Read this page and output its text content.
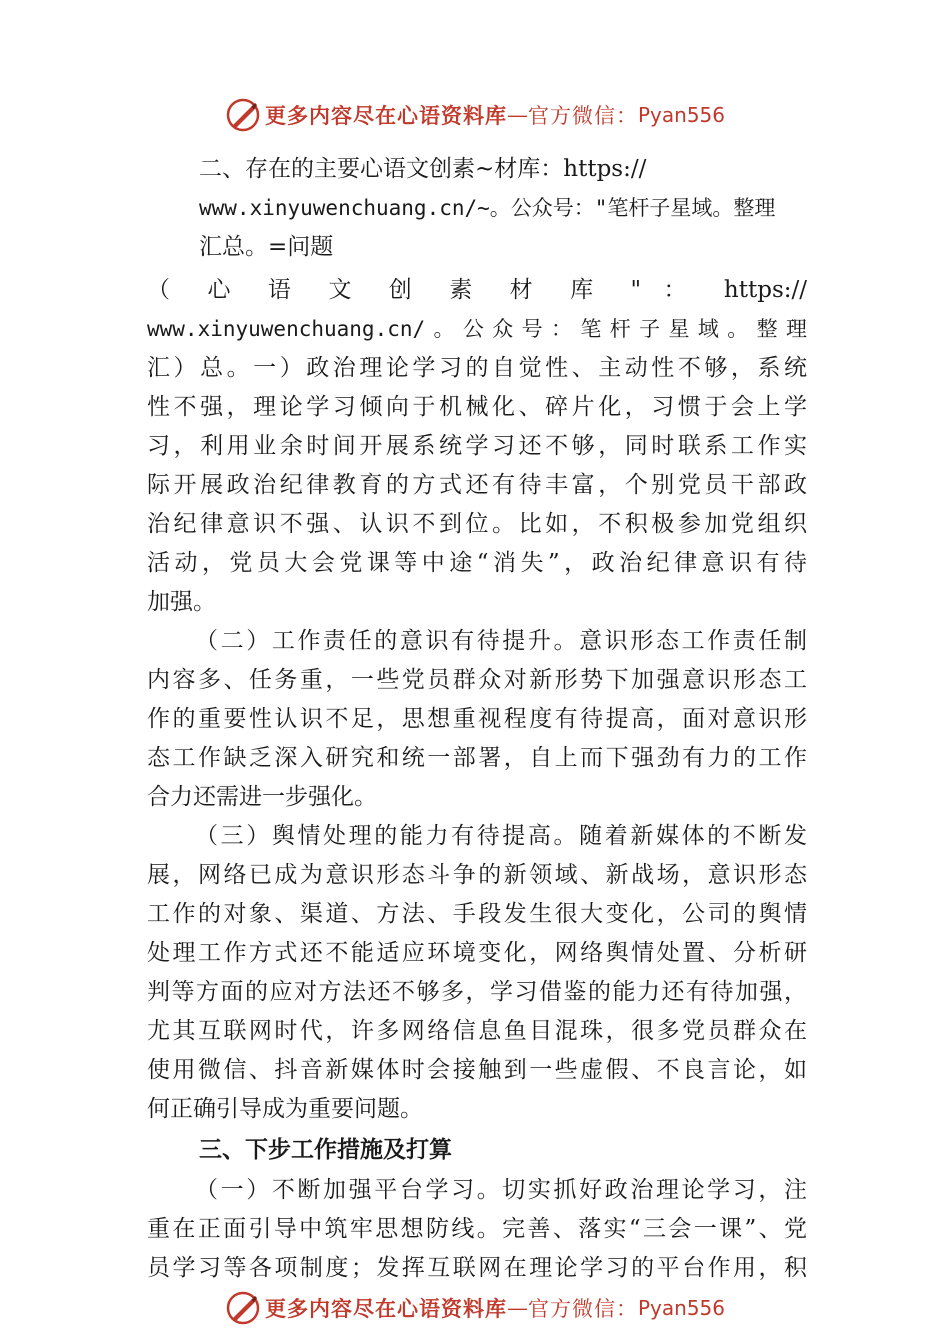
更多内容尽在心语资料库 — 官方微信： Pyan556
二、存在的主要心语文创素~材库：https://
www.xinyuwenchuang.cn/~。公众号："笔杆子星域。整理
汇总。=问题
（ 心 语 文 创 素 材 库 " ： https://
www.xinyuwenchuang.cn/。公众号：笔杆子星域。整理
汇）总。一）政治理论学习的自觉性、主动性不够，系统
性不强，理论学习倾向于机械化、碎片化，习惯于会上学
习，利用业余时间开展系统学习还不够，同时联系工作实
际开展政治纪律教育的方式还有待丰富，个别党员干部政
治纪律意识不强、认识不到位。比如，不积极参加党组织
活动，党员大会党课等中途“消失”，政治纪律意识有待
加强。
（二）工作责任的意识有待提升。意识形态工作责任制
内容多、任务重，一些党员群众对新形势下加强意识形态工
作的重要性认识不足，思想重视程度有待提高，面对意识形
态工作缺乏深入研究和统一部署，自上而下强劲有力的工作
合力还需进一步强化。
（三）舆情处理的能力有待提高。随着新媒体的不断发
展，网络已成为意识形态斗争的新领域、新战场，意识形态
工作的对象、渠道、方法、手段发生很大变化，公司的舆情
处理工作方式还不能适应环境变化，网络舆情处置、分析研
判等方面的应对方法还不够多，学习借鉴的能力还有待加强，
尤其互联网时代，许多网络信息鱼目混珠，很多党员群众在
使用微信、抖音新媒体时会接触到一些虚假、不良言论，如
何正确引导成为重要问题。
三、下步工作措施及打算
（一）不断加强平台学习。切实抓好政治理论学习，注
重在正面引导中筑牢思想防线。完善、落实“三会一课”、党
员学习等各项制度；发挥互联网在理论学习的平台作用，积
更多内容尽在心语资料库 — 官方微信： Pyan556
